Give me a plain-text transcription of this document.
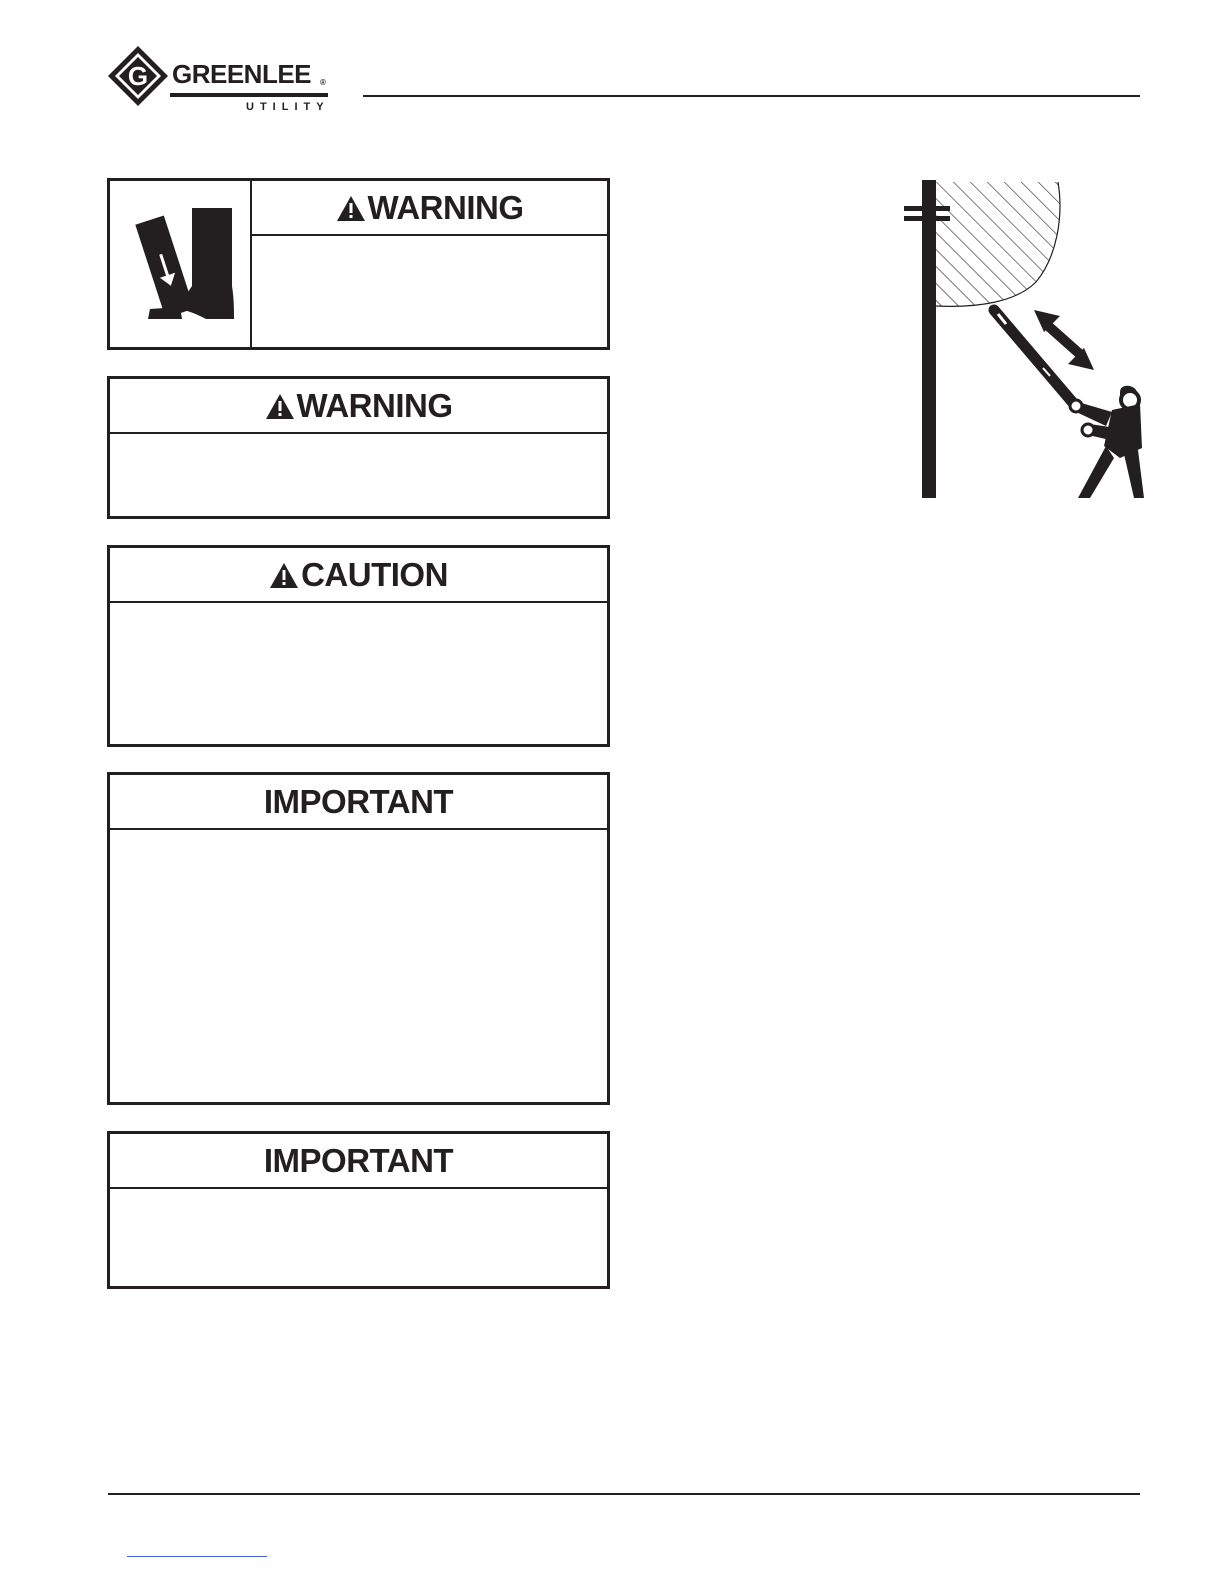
G GREENLEE ®
UTILITY
WARNING
WARNING
CAUTION
IMPORTANT
IMPORTANT
